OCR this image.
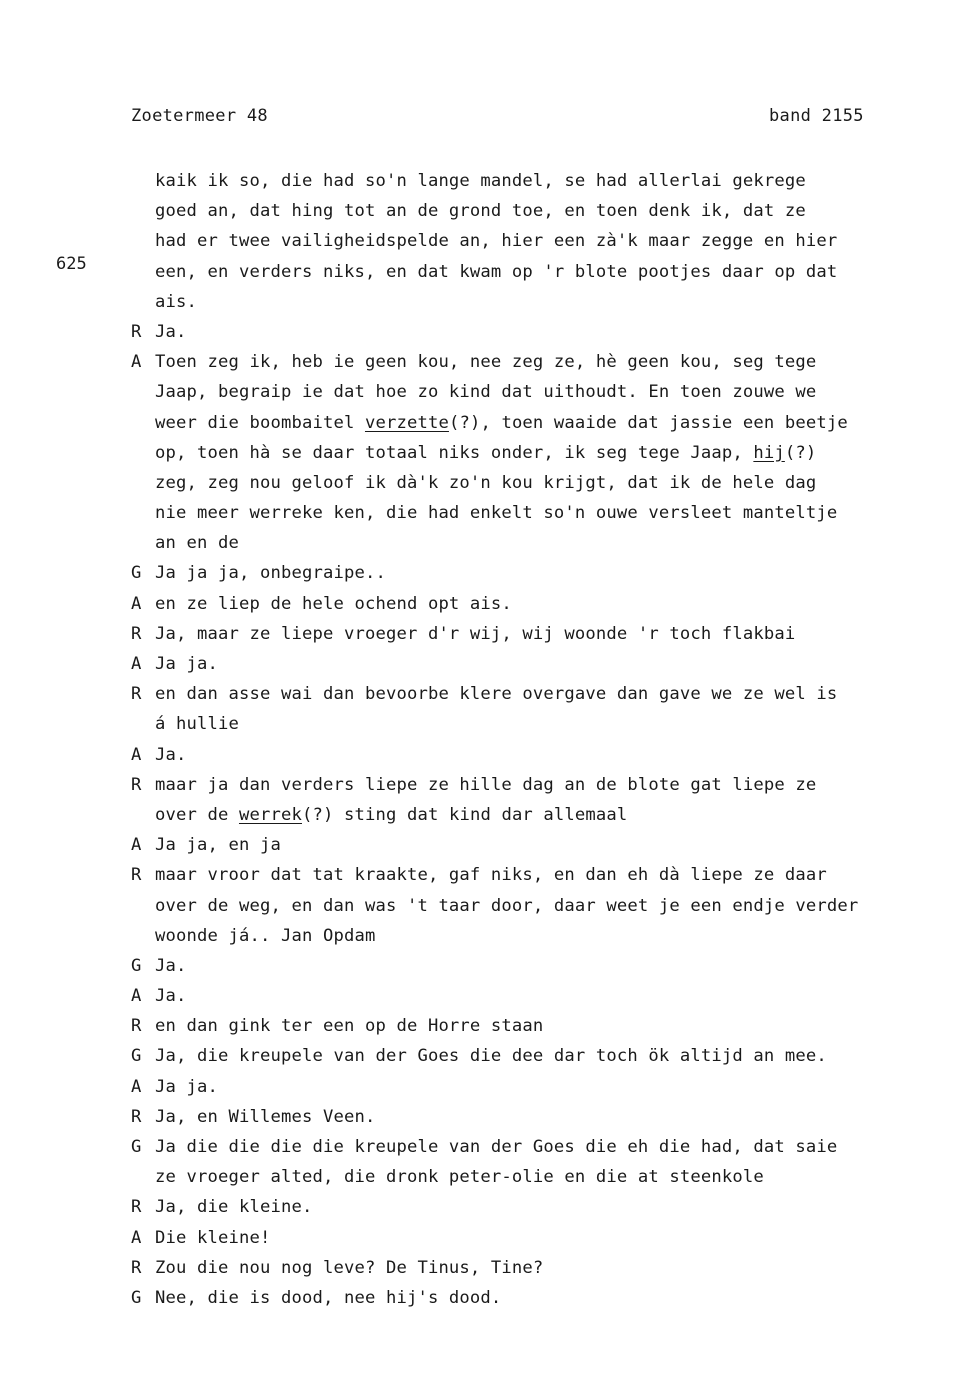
Zoetermeer 48	band 2155
625
kaik ik so, die had so'n lange mandel, se had allerlai gekrege
goed an, dat hing tot an de grond toe, en toen denk ik, dat ze
had er twee vailigheidspelde an, hier een zà'k maar zegge en hier
een, en verders niks, en dat kwam op 'r blote pootjes daar op dat
ais.
R Ja.
A Toen zeg ik, heb ie geen kou, nee zeg ze, hè geen kou, seg tege
Jaap, begraip ie dat hoe zo kind dat uithoudt. En toen zouwe we
weer die boombaitel verzette(?), toen waaide dat jassie een beetje
op, toen hà se daar totaal niks onder, ik seg tege Jaap, hij(?)
zeg, zeg nou geloof ik dà'k zo'n kou krijgt, dat ik de hele dag
nie meer werreke ken, die had enkelt so'n ouwe versleet manteltje
an en de
G Ja ja ja, onbegraipe..
A en ze liep de hele ochend opt ais.
R Ja, maar ze liepe vroeger d'r wij, wij woonde 'r toch flakbai
A Ja ja.
R en dan asse wai dan bevoorbe klere overgave dan gave we ze wel is
á hullie
A Ja.
R maar ja dan verders liepe ze hille dag an de blote gat liepe ze
over de werrek(?) sting dat kind dar allemaal
A Ja ja, en ja
R maar vroor dat tat kraakte, gaf niks, en dan eh dà liepe ze daar
over de weg, en dan was 't taar door, daar weet je een endje verder
woonde já.. Jan Opdam
G Ja.
A Ja.
R en dan gink ter een op de Horre staan
G Ja, die kreupele van der Goes die dee dar toch ök altijd an mee.
A Ja ja.
R Ja, en Willemes Veen.
G Ja die die die die kreupele van der Goes die eh die had, dat saie
ze vroeger alted, die dronk peter-olie en die at steenkole
R Ja, die kleine.
A Die kleine!
R Zou die nou nog leve? De Tinus, Tine?
G Nee, die is dood, nee hij's dood.
